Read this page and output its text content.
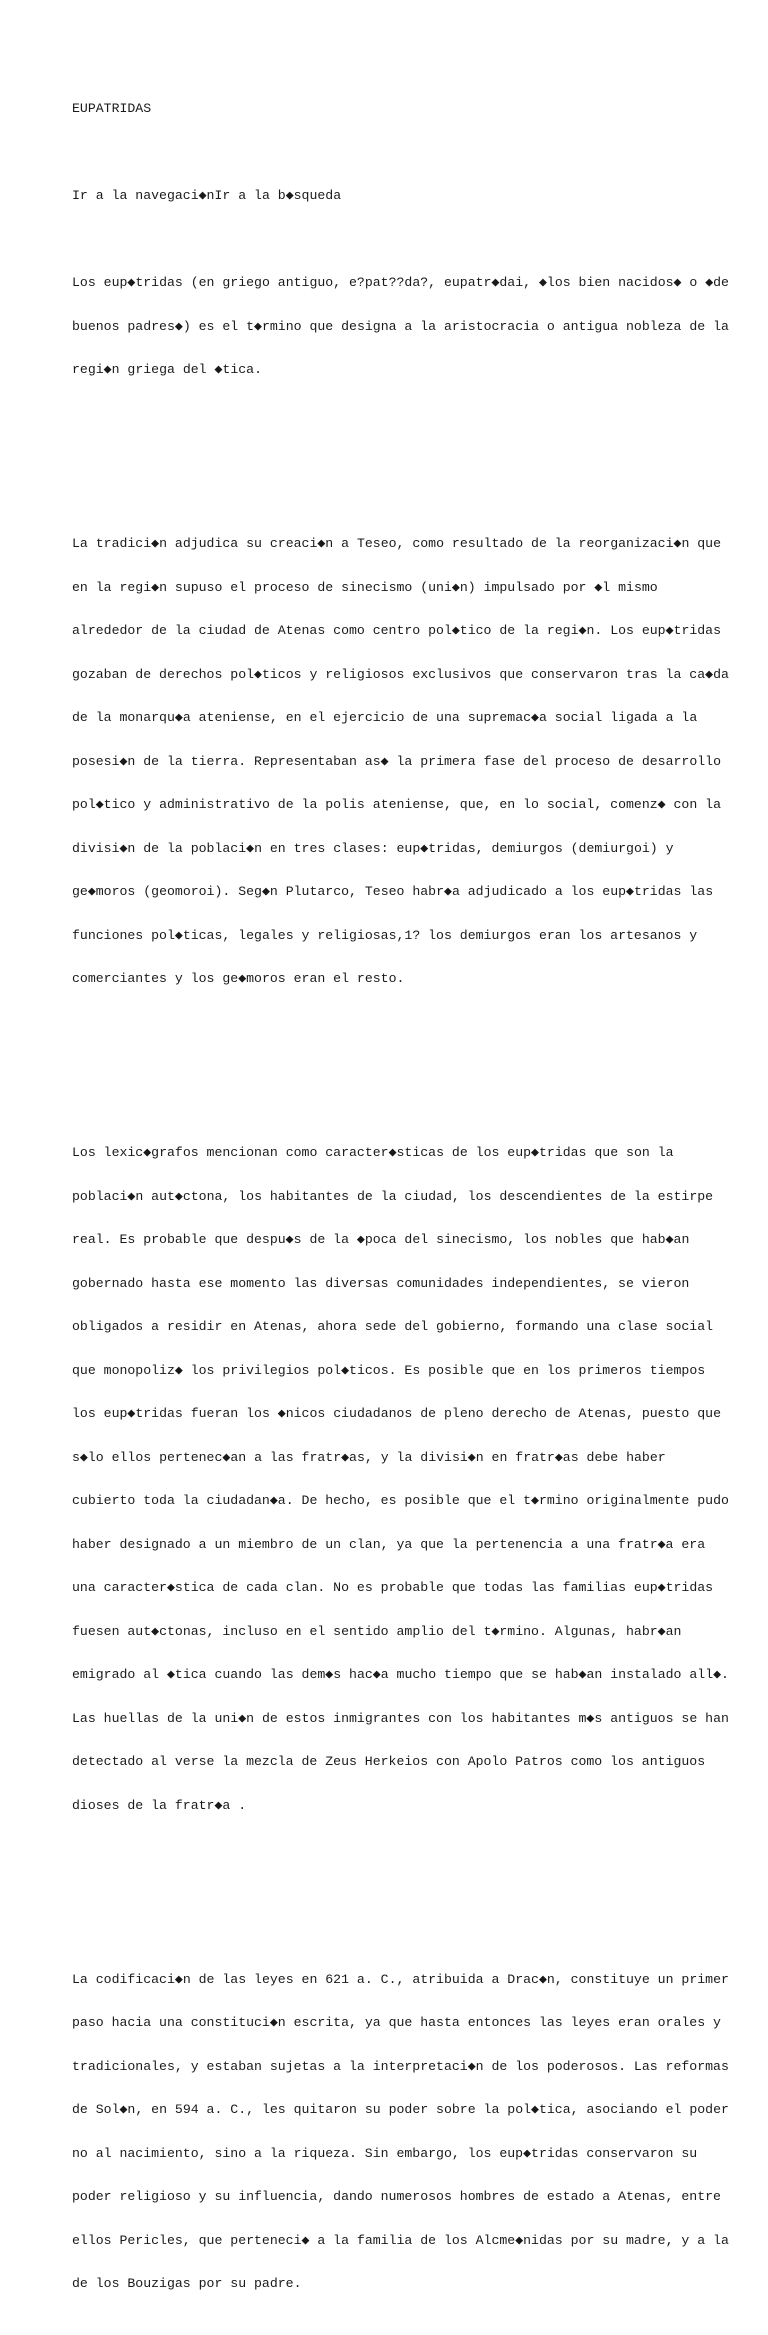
EUPATRIDAS

Ir a la navegaci◆nIr a la b◆squeda

Los eup◆tridas (en griego antiguo, e?pat??da?, eupatr◆dai, ◆los bien nacidos◆ o ◆de

buenos padres◆) es el t◆rmino que designa a la aristocracia o antigua nobleza de la

regi◆n griega del ◆tica.

La tradici◆n adjudica su creaci◆n a Teseo, como resultado de la reorganizaci◆n que

en la regi◆n supuso el proceso de sinecismo (uni◆n) impulsado por ◆l mismo

alrededor de la ciudad de Atenas como centro pol◆tico de la regi◆n. Los eup◆tridas

gozaban de derechos pol◆ticos y religiosos exclusivos que conservaron tras la ca◆da

de la monarqu◆a ateniense, en el ejercicio de una supremac◆a social ligada a la

posesi◆n de la tierra. Representaban as◆ la primera fase del proceso de desarrollo

pol◆tico y administrativo de la polis ateniense, que, en lo social, comenz◆ con la

divisi◆n de la poblaci◆n en tres clases: eup◆tridas, demiurgos (demiurgoi) y

ge◆moros (geomoroi). Seg◆n Plutarco, Teseo habr◆a adjudicado a los eup◆tridas las

funciones pol◆ticas, legales y religiosas,1? los demiurgos eran los artesanos y

comerciantes y los ge◆moros eran el resto.

Los lexic◆grafos mencionan como caracter◆sticas de los eup◆tridas que son la

poblaci◆n aut◆ctona, los habitantes de la ciudad, los descendientes de la estirpe

real. Es probable que despu◆s de la ◆poca del sinecismo, los nobles que hab◆an

gobernado hasta ese momento las diversas comunidades independientes, se vieron

obligados a residir en Atenas, ahora sede del gobierno, formando una clase social

que monopoliz◆ los privilegios pol◆ticos. Es posible que en los primeros tiempos

los eup◆tridas fueran los ◆nicos ciudadanos de pleno derecho de Atenas, puesto que

s◆lo ellos pertenec◆an a las fratr◆as, y la divisi◆n en fratr◆as debe haber

cubierto toda la ciudadan◆a. De hecho, es posible que el t◆rmino originalmente pudo

haber designado a un miembro de un clan, ya que la pertenencia a una fratr◆a era

una caracter◆stica de cada clan. No es probable que todas las familias eup◆tridas

fuesen aut◆ctonas, incluso en el sentido amplio del t◆rmino. Algunas, habr◆an

emigrado al ◆tica cuando las dem◆s hac◆a mucho tiempo que se hab◆an instalado all◆.

Las huellas de la uni◆n de estos inmigrantes con los habitantes m◆s antiguos se han

detectado al verse la mezcla de Zeus Herkeios con Apolo Patros como los antiguos

dioses de la fratr◆a .

La codificaci◆n de las leyes en 621 a. C., atribuida a Drac◆n, constituye un primer

paso hacia una constituci◆n escrita, ya que hasta entonces las leyes eran orales y

tradicionales, y estaban sujetas a la interpretaci◆n de los poderosos. Las reformas

de Sol◆n, en 594 a. C., les quitaron su poder sobre la pol◆tica, asociando el poder

no al nacimiento, sino a la riqueza. Sin embargo, los eup◆tridas conservaron su

poder religioso y su influencia, dando numerosos hombres de estado a Atenas, entre

ellos Pericles, que perteneci◆ a la familia de los Alcme◆nidas por su madre, y a la

de los Bouzigas por su padre.
